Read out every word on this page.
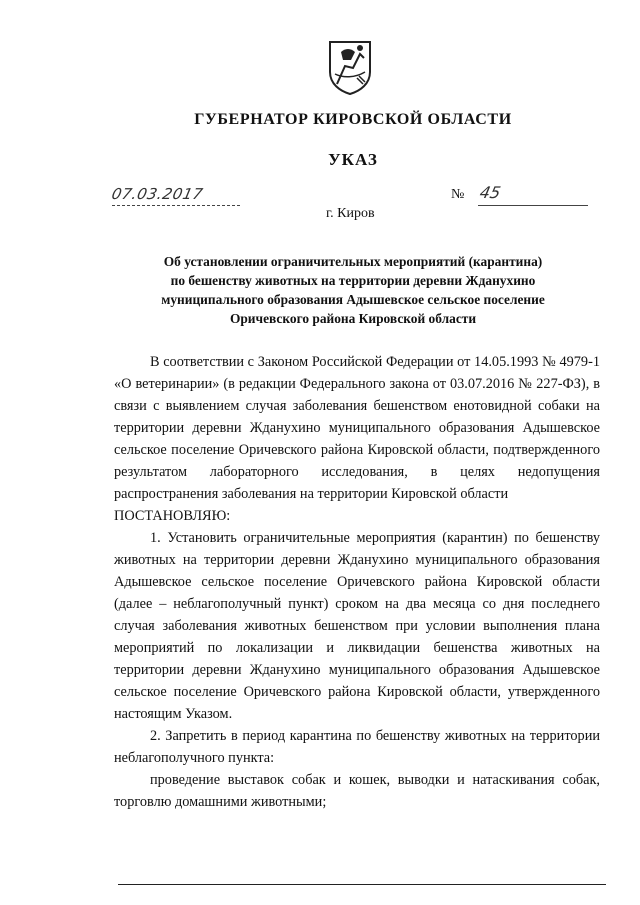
ГУБЕРНАТОР КИРОВСКОЙ ОБЛАСТИ
УКАЗ
07.03.2017	№ 45
г. Киров
Об установлении ограничительных мероприятий (карантина)
по бешенству животных на территории деревни Жданухино
муниципального образования Адышевское сельское поселение
Оричевского района Кировской области

В соответствии с Законом Российской Федерации от 14.05.1993 № 4979-1 «О ветеринарии» (в редакции Федерального закона от 03.07.2016 № 227-ФЗ), в связи с выявлением случая заболевания бешенством енотовидной собаки на территории деревни Жданухино муниципального образования Адышевское сельское поселение Оричевского района Кировской области, подтвержденного результатом лабораторного исследования, в целях недопущения распространения заболевания на территории Кировской области

ПОСТАНОВЛЯЮ:

1. Установить ограничительные мероприятия (карантин) по бешенству животных на территории деревни Жданухино муниципального образования Адышевское сельское поселение Оричевского района Кировской области (далее – неблагополучный пункт) сроком на два месяца со дня последнего случая заболевания животных бешенством при условии выполнения плана мероприятий по локализации и ликвидации бешенства животных на территории деревни Жданухино муниципального образования Адышевское сельское поселение Оричевского района Кировской области, утвержденного настоящим Указом.

2. Запретить в период карантина по бешенству животных на территории неблагополучного пункта:

проведение выставок собак и кошек, выводки и натаскивания собак, торговлю домашними животными;
